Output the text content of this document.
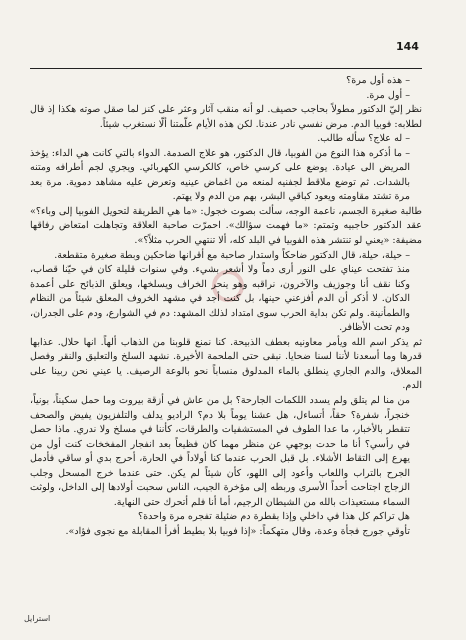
144

– هذه أول مرة؟

– أول مرة.

نظر إليّ الدكتور مطولاً بحاجب حصيف. لو أنه منقب آثار وعثر على كنز لما صقل صوته هكذا إذ قال لطلابه: فوبيا الدم. مرض نفسي نادر عندنا. لكن هذه الأيام علّمتنا ألّا نستغرب شيئاً.

– له علاج؟ سأله طالب.

– ما أذكره هذا النوع من الفوبيا، قال الدكتور، هو علاج الصدمة. الدواء بالتي كانت هي الداء: يؤخذ المريض الى عيادة. يوضع على كرسي خاص، كالكرسي الكهربائي. ويجري لجم أطرافه ومتنه بالشدات. ثم توضع ملاقط لجفنيه لمنعه من اغماض عينيه وتعرض عليه مشاهد دموية. مرة بعد مرة تشتد مقاومته ويعود كباقي البشر، بهم من الدم ولا يهتم.

طالبة صغيرة الجسم، ناعمة الوجه، سألت بصوت خجول: «ما هي الطريقة لتحويل الفوبيا إلى وباء؟» عقد الدكتور حاجبيه وتمتم: «ما فهمت سؤالك». احمرّت صاحبة العلاقة وتجاهلت امتعاض رفاقها مضيفة: «يعني لو تنتشر هذه الفوبيا في البلد كله، ألا تنتهي الحرب مثلاً؟».

– حيلة، حيلة، قال الدكتور ضاحكاً واستدار صاحبة مع أقرانها ضاحكين وبطة صغيرة متقطعة.

منذ تفتحت عيناي على النور أرى دماً ولا أشعر بشيء. وفي سنوات قليلة كان في حيّنا قصاب، وكنا نقف أنا وجوزيف والآخرون، نراقبه وهو ينحر الخراف ويسلخها، ويعلق الذبائح على أعمدة الدكان. لا أذكر أن الدم أفزعني حينها، بل كنت أجد في مشهد الخروف المعلق شيئاً من النظام والطمأنينة. ولم تكن بداية الحرب سوى امتداد لذلك المشهد: دم في الشوارع، ودم على الجدران، ودم تحت الأظافر.

ثم يذكر اسم الله ويأمر معاونيه بعطف الذبيحة. كنا نمنع قلوبنا من الذهاب ألهاً. انها حلال. عذابها قدرها وما أسعدنا لأننا لسنا ضحايا. نبقى حتى الملحمة الأخيرة. نشهد السلخ والتعليق والنقر وفصل المعلاق، والدم الجاري ينطلق بالماء المدلوق منساباً نحو بالوعة الرصيف. يا عيني نحن ربينا على الدم.

من منا لم يتلق ولم يسدد اللكمات الجارحة؟ بل من عاش في أزقة بيروت وما حمل سكيناً، بونياً، خنجراً، شفرة؟ حقاً، أتساءل، هل عشنا يوماً بلا دم؟ الراديو يدلف والتلفزيون يفيض والصحف تتقطر بالأخبار، ما عدا الطوف في المستشفيات والطرقات، كأننا في مسلخ ولا ندري. ماذا حصل في رأسي؟ أنا ما حدت بوجهي عن منظر مهما كان فظيعاً بعد انفجار المفخخات كنت أول من يهرع إلى التقاط الأشلاء. بل قبل الحرب عندما كنا أولاداً في الحارة، أحرج بدي أو ساقي فأدمل الجرح بالتراب واللعاب وأعود إلى اللهو، كأن شيئاً لم يكن. حتى عندما خرج المسحل وجلب الزجاج اجتاحت أحداً الأسرى وربطه إلى مؤخرة الجيب، الناس سحبت أولادها إلى الداخل، ولوثت السماء مستعيذات بالله من الشيطان الرجيم، أما أنا فلم أتحرك حتى النهاية.

هل تراكم كل هذا في داخلي وإذا بقطرة دم ضئيلة تفجره مرة واحدة؟

تأوقي جورج فجأة وعدة، وقال متهكماً: «إذا فوبيا بلا بطيط أفرأ المقابلة مع نجوى فؤاد».

استرايل
